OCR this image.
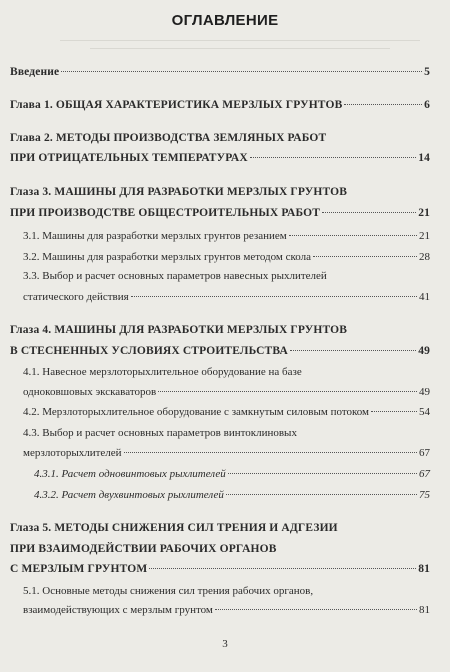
ОГЛАВЛЕНИЕ
Введение	5
Глава 1. ОБЩАЯ ХАРАКТЕРИСТИКА МЕРЗЛЫХ ГРУНТОВ	6
Глава 2. МЕТОДЫ ПРОИЗВОДСТВА ЗЕМЛЯНЫХ РАБОТ
ПРИ ОТРИЦАТЕЛЬНЫХ ТЕМПЕРАТУРАХ	14
Глаза 3. МАШИНЫ ДЛЯ РАЗРАБОТКИ МЕРЗЛЫХ ГРУНТОВ
ПРИ ПРОИЗВОДСТВЕ ОБЩЕСТРОИТЕЛЬНЫХ РАБОТ	21
3.1. Машины для разработки мерзлых грунтов резанием	21
3.2. Машины для разработки мерзлых грунтов методом скола	28
3.3. Выбор и расчет основных параметров навесных рыхлителей
статического действия	41
Глаза 4. МАШИНЫ ДЛЯ РАЗРАБОТКИ МЕРЗЛЫХ ГРУНТОВ
В СТЕСНЕННЫХ УСЛОВИЯХ СТРОИТЕЛЬСТВА	49
4.1. Навесное мерзлоторыхлительное оборудование на базе
одноковшовых экскаваторов	49
4.2. Мерзлоторыхлительное оборудование с замкнутым силовым потоком	54
4.3. Выбор и расчет основных параметров винтоклиновых
мерзлоторыхлителей	67
4.3.1. Расчет одновинтовых рыхлителей	67
4.3.2. Расчет двухвинтовых рыхлителей	75
Глаза 5. МЕТОДЫ СНИЖЕНИЯ СИЛ ТРЕНИЯ И АДГЕЗИИ
ПРИ ВЗАИМОДЕЙСТВИИ РАБОЧИХ ОРГАНОВ
С МЕРЗЛЫМ ГРУНТОМ	81
5.1. Основные методы снижения сил трения рабочих органов,
взаимодействующих с мерзлым грунтом	81
3
